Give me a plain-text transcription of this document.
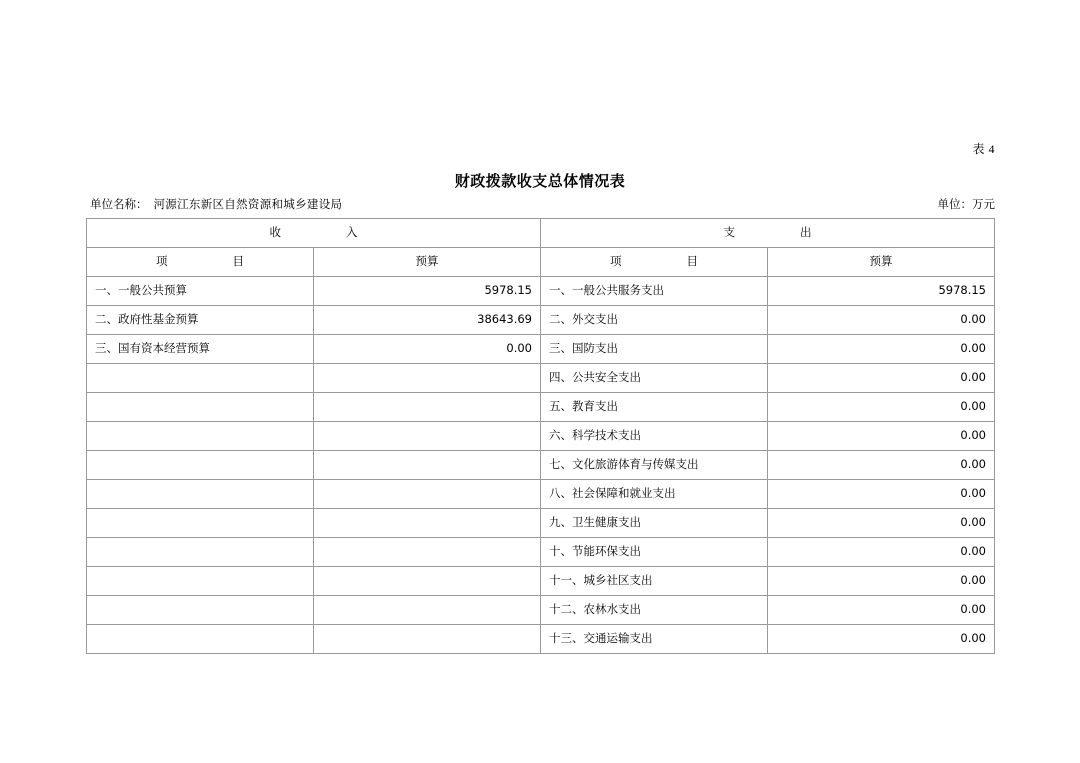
表 4
财政拨款收支总体情况表
单位名称： 河源江东新区自然资源和城乡建设局	单位：万元
收　　入		支　　出	
项　　目	预算	项　　目	预算
一、一般公共预算	5978.15	一、一般公共服务支出	5978.15
二、政府性基金预算	38643.69	二、外交支出	0.00
三、国有资本经营预算	0.00	三、国防支出	0.00
		四、公共安全支出	0.00
		五、教育支出	0.00
		六、科学技术支出	0.00
		七、文化旅游体育与传媒支出	0.00
		八、社会保障和就业支出	0.00
		九、卫生健康支出	0.00
		十、节能环保支出	0.00
		十一、城乡社区支出	0.00
		十二、农林水支出	0.00
		十三、交通运输支出	0.00
